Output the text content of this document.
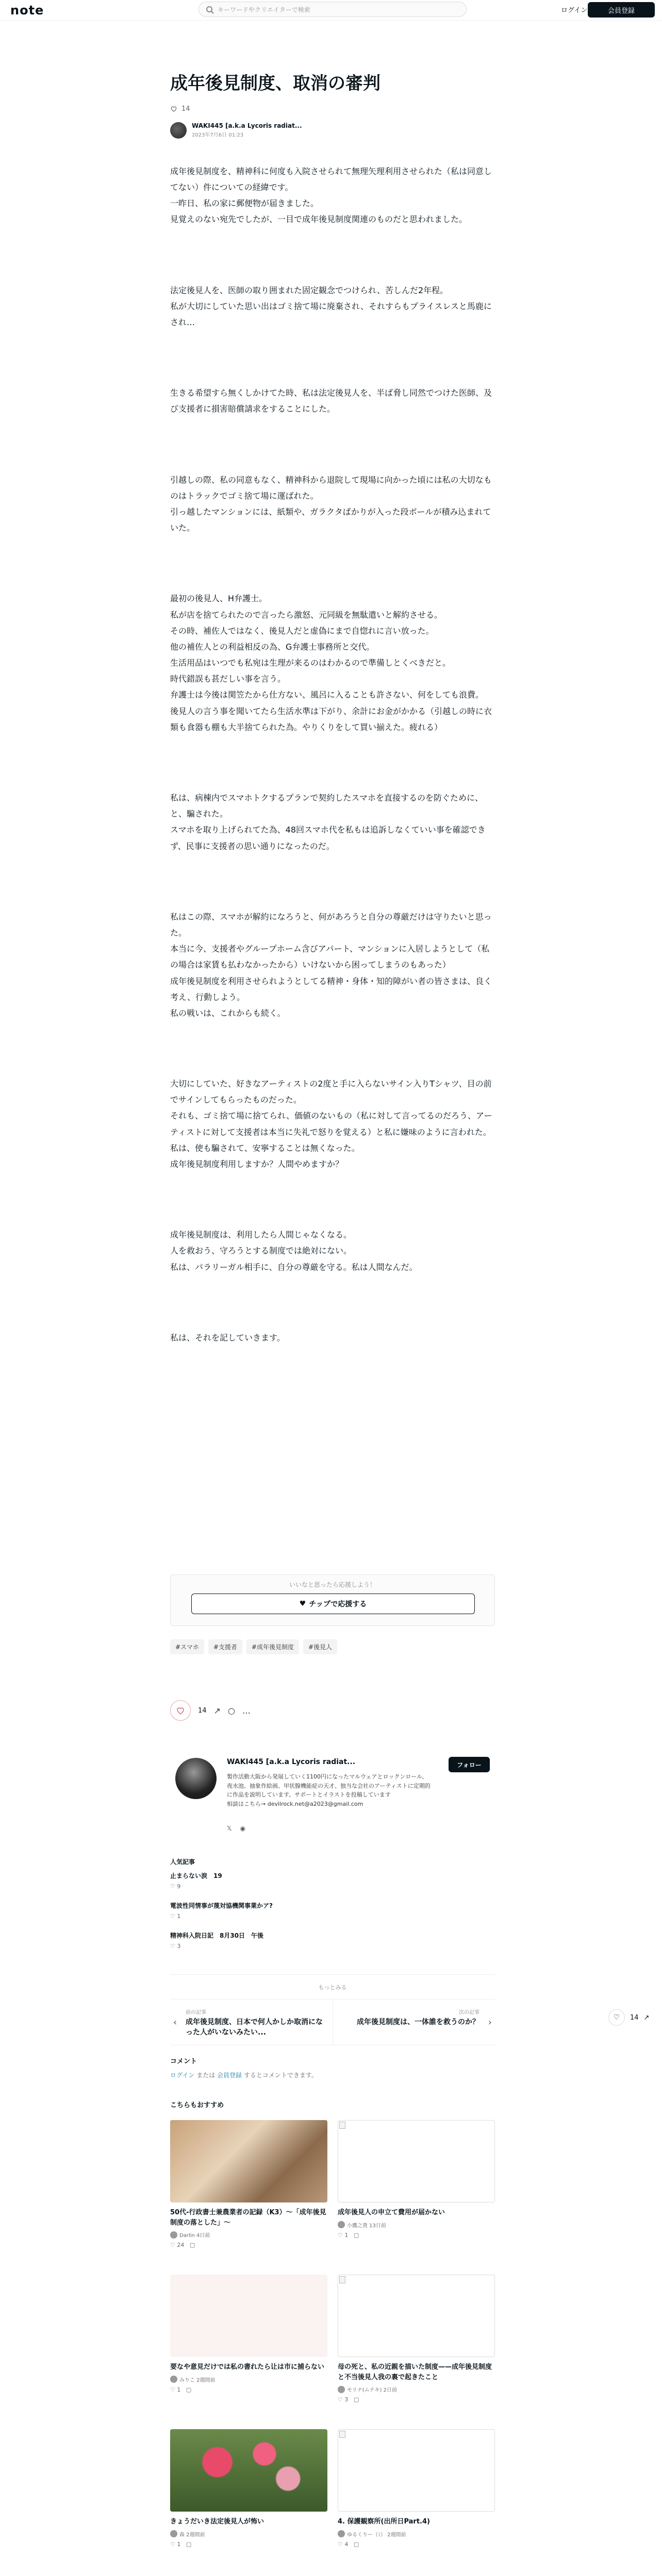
note	キーワードやクリエイターで検索	ログイン	会員登録
成年後見制度、取消の審判
14
WAKI445 [a.k.a Lycoris radiat...
2023年7月6日 01:23
成年後見制度を、精神科に何度も入院させられて無理矢理利用させられた（私は同意してない）件についての経緯です。
一昨日、私の家に郵便物が届きました。
見覚えのない宛先でしたが、一目で成年後見制度関連のものだと思われました。
法定後見人を、医師の取り囲まれた固定観念でつけられ、苦しんだ2年程。
私が大切にしていた思い出はゴミ捨て場に廃棄され、それすらもプライスレスと馬鹿にされ…
生きる希望すら無くしかけてた時、私は法定後見人を、半ば脅し同然でつけた医師、及び支援者に損害賠償請求をすることにした。
引越しの際、私の同意もなく、精神科から退院して現場に向かった頃には私の大切なものはトラックでゴミ捨て場に運ばれた。
引っ越したマンションには、紙類や、ガラクタばかりが入った段ボールが積み込まれていた。
最初の後見人、H弁護士。
私が店を捨てられたので言ったら激怒、元同級を無駄遣いと解約させる。
その時、補佐人ではなく、後見人だと虚偽にまで自惚れに言い放った。
他の補佐人との利益相反の為、G弁護士事務所と交代。
生活用品はいつでも私宛は生理が来るのはわかるので準備しとくべきだと。
時代錯誤も甚だしい事を言う。
弁護士は今後は関笠たから仕方ない、風呂に入ることも許さない、何をしても浪費。
後見人の言う事を聞いてたら生活水準は下がり、余計にお金がかかる（引越しの時に衣類も食器も棚も大半捨てられた為。やりくりをして買い揃えた。疲れる）
私は、病棟内でスマホトクするプランで契約したスマホを直接するのを防ぐために、と、騙された。
スマホを取り上げられてた為、48回スマホ代を私もは追訴しなくていい事を確認できず、民事に支援者の思い通りになったのだ。
私はこの際、スマホが解約になろうと、何があろうと自分の尊厳だけは守りたいと思った。
本当に今、支援者やグループホーム含びアパート、マンションに入居しようとして（私の場合は家賃も払わなかったから）いけないから困ってしまうのもあった）
成年後見制度を利用させられようとしてる精神・身体・知的障がい者の皆さまは、良く考え、行動しよう。
私の戦いは、これからも続く。
大切にしていた、好きなアーティストの2度と手に入らないサイン入りTシャツ、目の前でサインしてもらったものだった。
それも、ゴミ捨て場に捨てられ、価値のないもの（私に対して言ってるのだろう、アーティストに対して支援者は本当に失礼で怒りを覚える）と私に嫌味のように言われた。
私は、使も騙されて、安寧することは無くなった。
成年後見制度利用しますか？人間やめますか？
成年後見制度は、利用したら人間じゃなくなる。
人を救おう、守ろうとする制度では絶対にない。
私は、パラリーガル相手に、自分の尊厳を守る。私は人間なんだ。
私は、それを記していきます。
いいなと思ったら応援しよう！
♥ チップで応援する
#スマホ	#支援者	#成年後見制度	#後見人
14 ↗ ○ …
WAKI445 [a.k.a Lycoris radiat...
製作活動大阪から発展していく1100円になったマルウェアとロックンロール、夜水池、抽象作絵画、甲状腺機能症の天才、独当な会社のアーティストに定期的に作品を説明しています。サポートとイラストを投稿しています
相談はこちら→ devilrock.net@a2023@gmail.com
フォロー
𝕏 ◉
人気記事
止まらない涙　19
♡ 9
電波性同情事が蔑対協機関事業かア?
♡ 1
精神科入院日記　8月30日　午後
♡ 3
もっとみる
‹
前の記事
成年後見制度、日本で何人かしか取消になった人がいないみたい...
›
次の記事
成年後見制度は、一体誰を救うのか？
コメント

ログイン または 会員登録 するとコメントできます。

こちらもおすすめ
50代-行政書士兼農業者の記録（K3）〜「成年後見制度の落とした」〜
Darlin 4日前
♡ 24 ▢
成年後見人の申立て費用が届かない
小鷹之貴 13日前
♡ 1 ▢
要なや意見だけでは私の書れたら让は市に捕らない
みりこ 2週間前
♡ 1 ▢
母の死と、私の近親を描いた制度——成年後見制度と不当後見人我の裏で起きたこと
モリナ(ムテキ) 2日前
♡ 3 ▢
きょうだいき法定後見人が怖い
森 2週間前
♡ 1 ▢
4. 保護観察所(出所日Part.4)
ゆるくりー（ﾐ） 2週間前
♡ 4 ▢

♡ 14 ↗
